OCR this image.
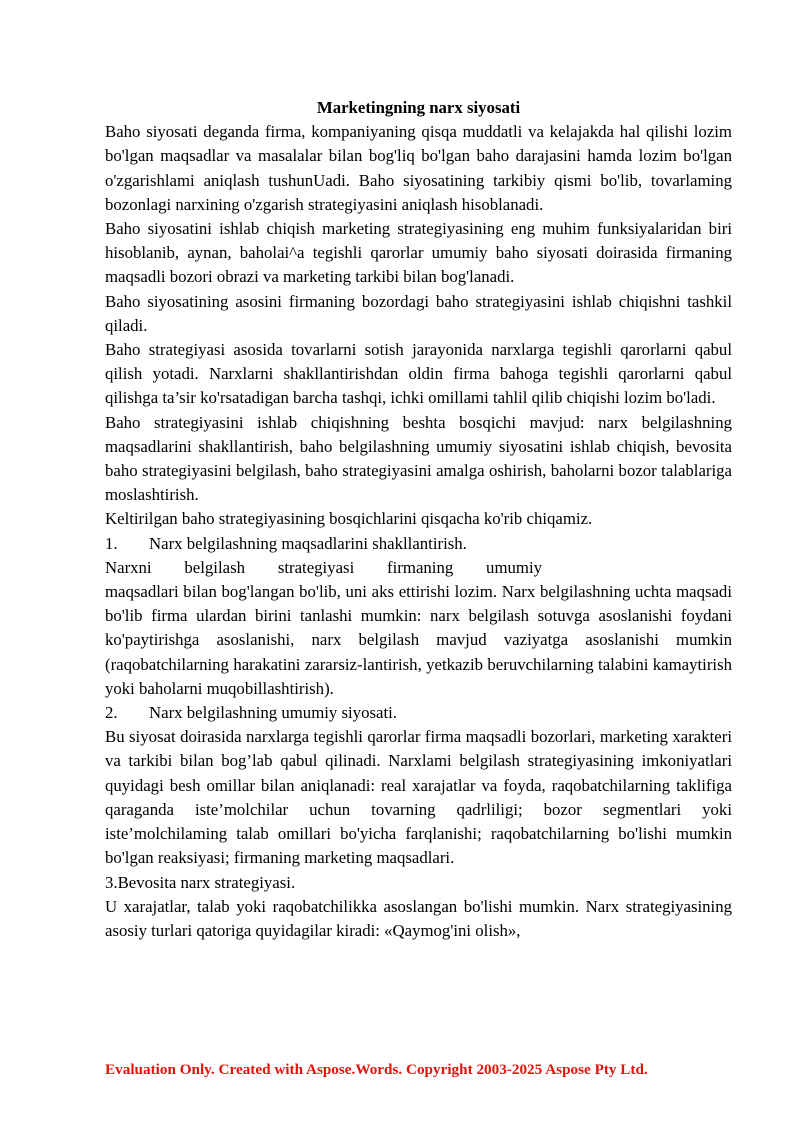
Marketingning narx siyosati

Baho siyosati deganda firma, kompaniyaning qisqa muddatli va kelajakda hal qilishi lozim bo'lgan maqsadlar va masalalar bilan bog'liq bo'lgan baho darajasini hamda lozim bo'lgan o'zgarishlami aniqlash tushunUadi. Baho siyosatining tarkibiy qismi bo'lib, tovarlaming bozonlagi narxining o'zgarish strategiyasini aniqlash hisoblanadi.

Baho siyosatini ishlab chiqish marketing strategiyasining eng muhim funksiyalaridan biri hisoblanib, aynan, baholai^a tegishli qarorlar umumiy baho siyosati doirasida firmaning maqsadli bozori obrazi va marketing tarkibi bilan bog'lanadi.

Baho siyosatining asosini firmaning bozordagi baho strategiyasini ishlab chiqishni tashkil qiladi.

Baho strategiyasi asosida tovarlarni sotish jarayonida narxlarga tegishli qarorlarni qabul qilish yotadi. Narxlarni shakllantirishdan oldin firma bahoga tegishli qarorlarni qabul qilishga ta’sir ko'rsatadigan barcha tashqi, ichki omillami tahlil qilib chiqishi lozim bo'ladi.

Baho strategiyasini ishlab chiqishning beshta bosqichi mavjud: narx belgilashning maqsadlarini shakllantirish, baho belgilashning umumiy siyosatini ishlab chiqish, bevosita baho strategiyasini belgilash, baho strategiyasini amalga oshirish, baholarni bozor talablariga moslashtirish.

Keltirilgan baho strategiyasining bosqichlarini qisqacha ko'rib chiqamiz.

1.	Narx belgilashning maqsadlarini shakllantirish.

Narxni belgilash strategiyasi firmaning umumiy

maqsadlari bilan bog'langan bo'lib, uni aks ettirishi lozim. Narx belgilashning uchta maqsadi bo'lib firma ulardan birini tanlashi mumkin: narx belgilash sotuvga asoslanishi foydani ko'paytirishga asoslanishi, narx belgilash mavjud vaziyatga asoslanishi mumkin (raqobatchilarning harakatini zararsiz-lantirish, yetkazib beruvchilarning talabini kamaytirish yoki baholarni muqobillashtirish).

2.	Narx belgilashning umumiy siyosati.

Bu siyosat doirasida narxlarga tegishli qarorlar firma maqsadli bozorlari, marketing xarakteri va tarkibi bilan bog’lab qabul qilinadi. Narxlami belgilash strategiyasining imkoniyatlari quyidagi besh omillar bilan aniqlanadi: real xarajatlar va foyda, raqobatchilarning taklifiga qaraganda iste’molchilar uchun tovarning qadrliligi; bozor segmentlari yoki iste’molchilaming talab omillari bo'yicha farqlanishi; raqobatchilarning bo'lishi mumkin bo'lgan reaksiyasi; firmaning marketing maqsadlari.

3.Bevosita narx strategiyasi.

U xarajatlar, talab yoki raqobatchilikka asoslangan bo'lishi mumkin. Narx strategiyasining asosiy turlari qatoriga quyidagilar kiradi: «Qaymog'ini olish»,

Evaluation Only. Created with Aspose.Words. Copyright 2003-2025 Aspose Pty Ltd.
